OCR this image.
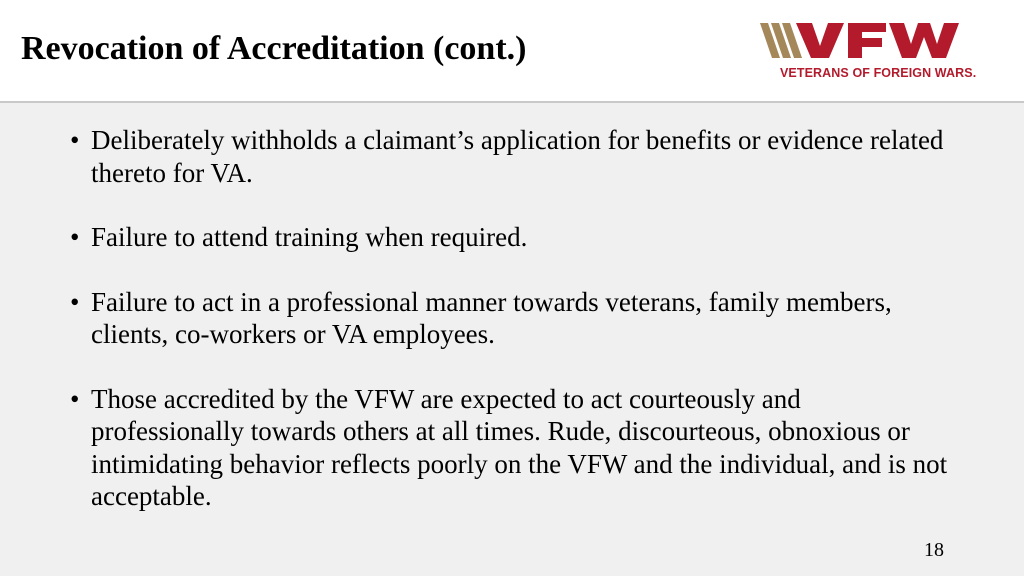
Revocation of Accreditation (cont.)
VETERANS OF FOREIGN WARS.
• Deliberately withholds a claimant’s application for benefits or evidence related thereto for VA.
• Failure to attend training when required.
• Failure to act in a professional manner towards veterans, family members, clients, co-workers or VA employees.
• Those accredited by the VFW are expected to act courteously and professionally towards others at all times. Rude, discourteous, obnoxious or intimidating behavior reflects poorly on the VFW and the individual, and is not acceptable.
18
